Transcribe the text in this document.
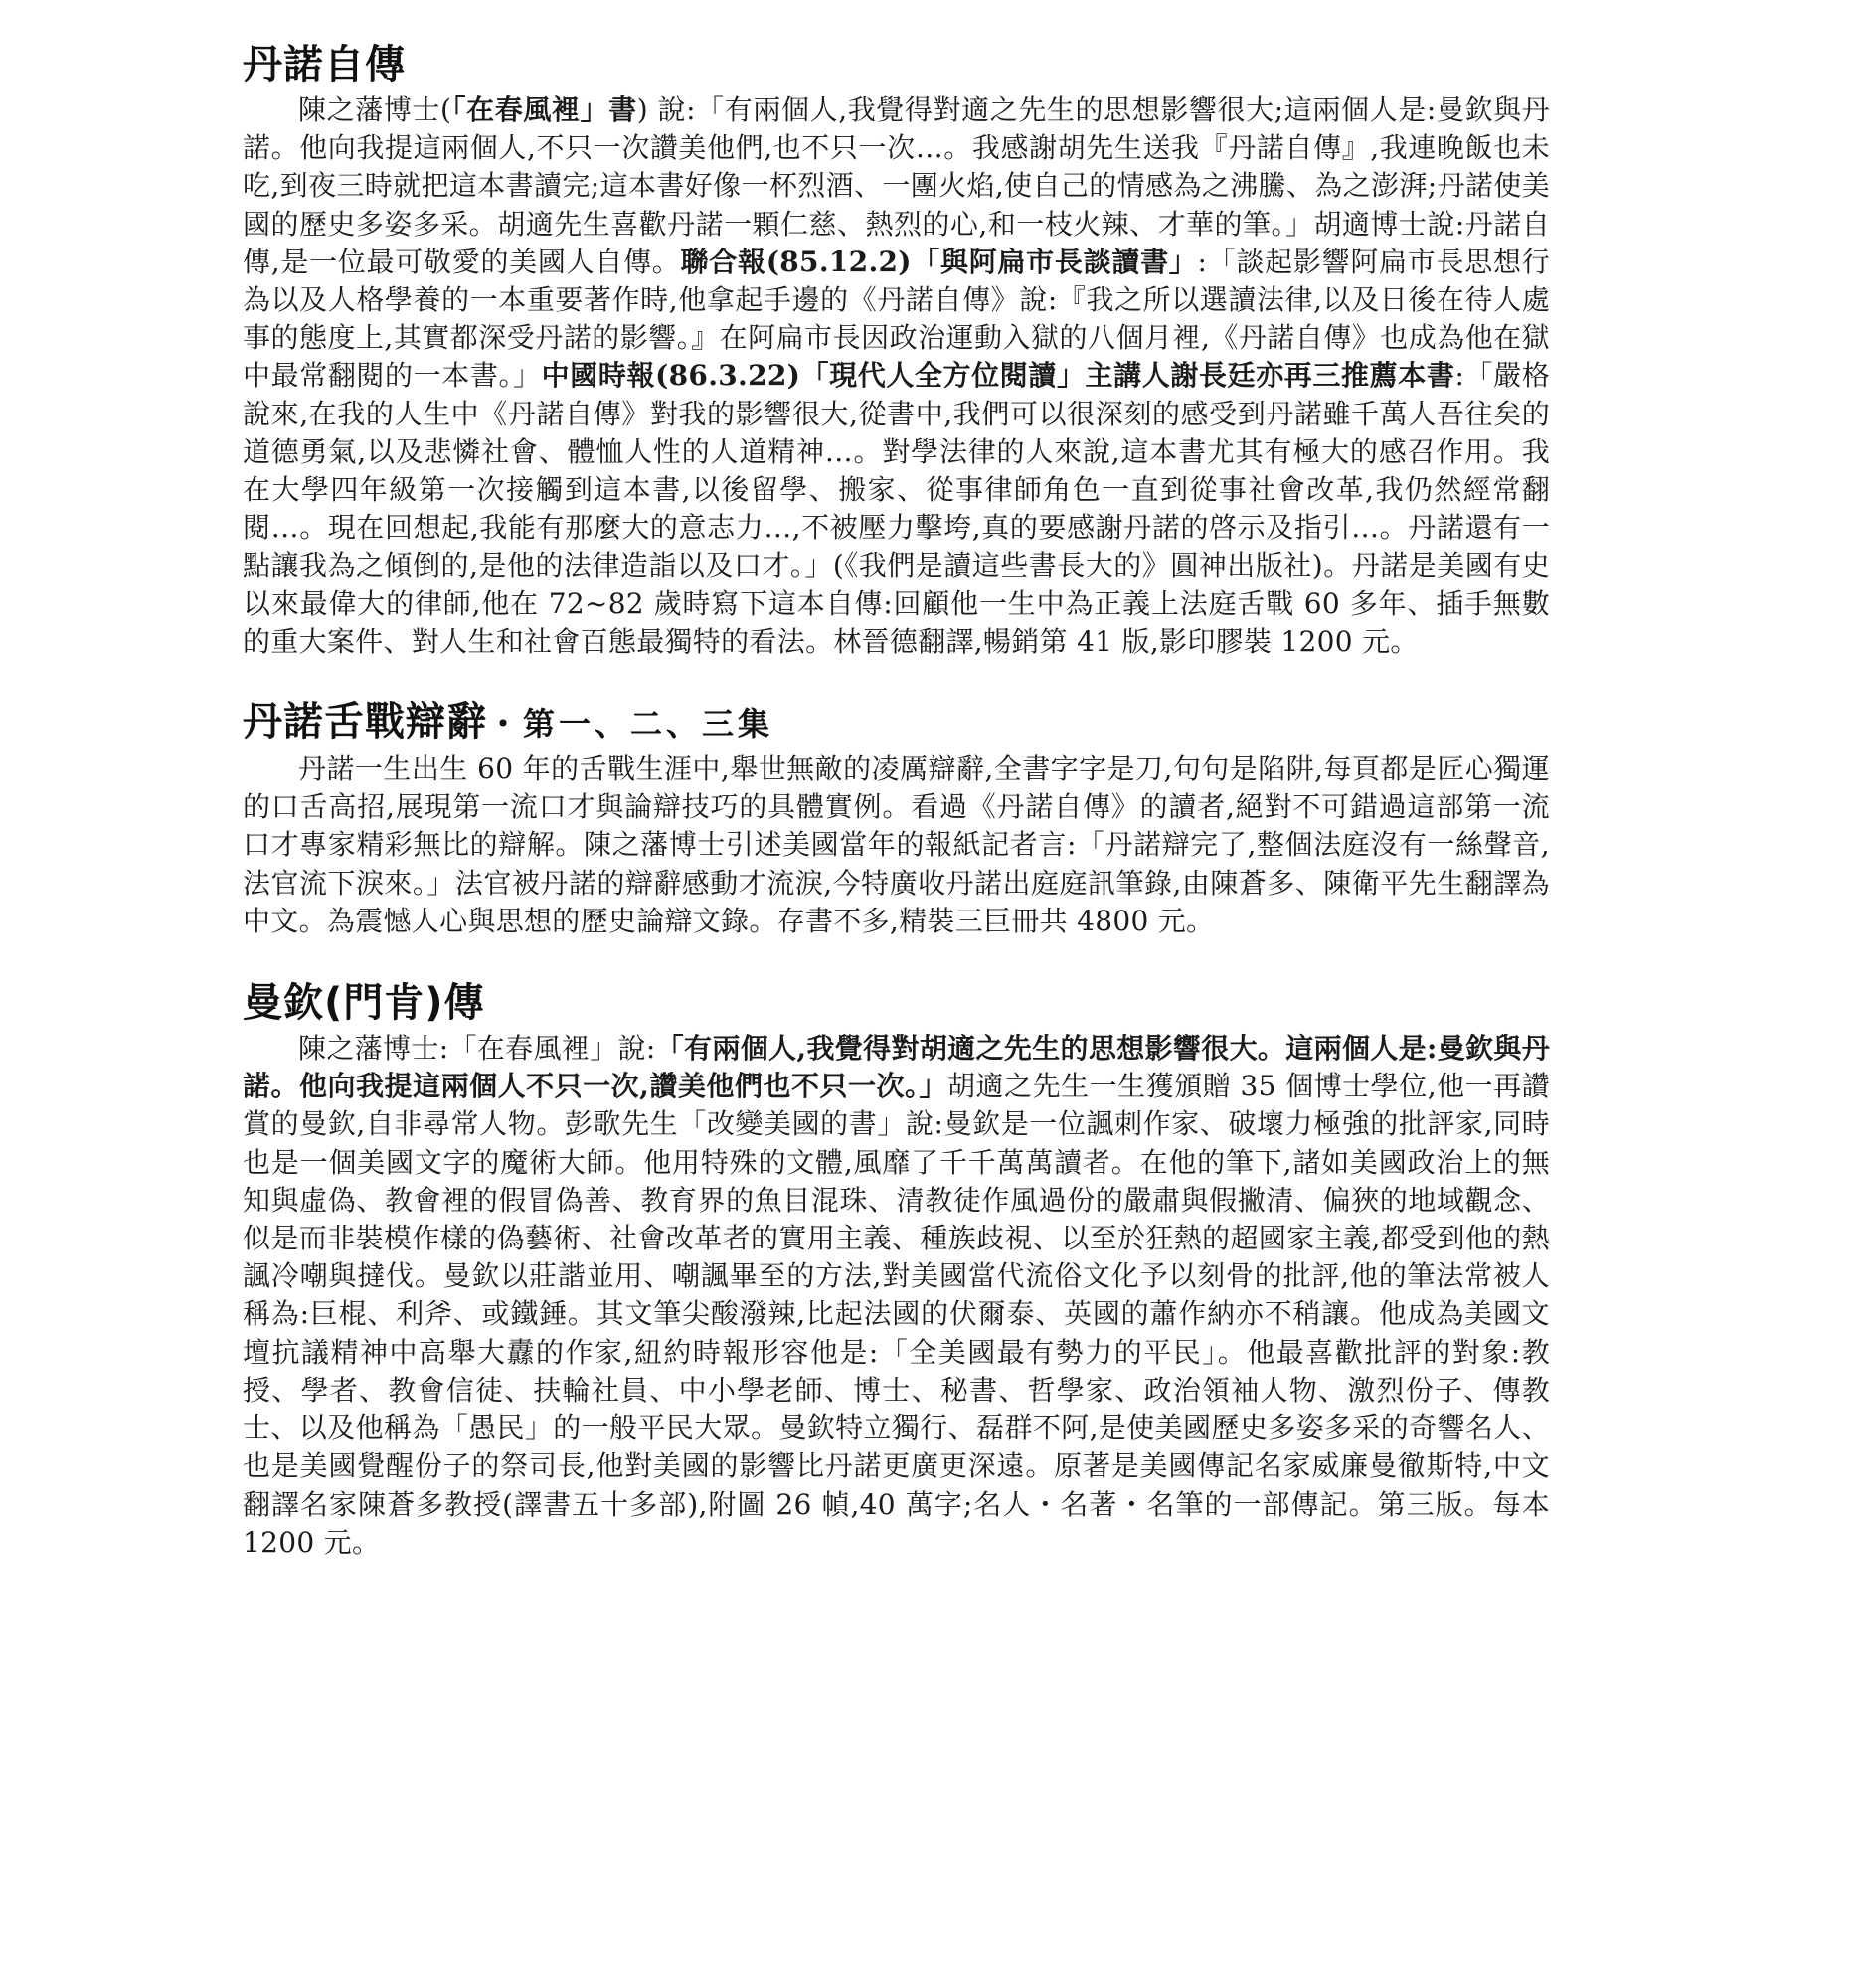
丹諾自傳

陳之藩博士(「在春風裡」書) 說:「有兩個人,我覺得對適之先生的思想影響很大;這兩個人是:曼欽與丹諾。他向我提這兩個人,不只一次讚美他們,也不只一次…。我感謝胡先生送我『丹諾自傳』,我連晚飯也未吃,到夜三時就把這本書讀完;這本書好像一杯烈酒、一團火焰,使自己的情感為之沸騰、為之澎湃;丹諾使美國的歷史多姿多采。胡適先生喜歡丹諾一顆仁慈、熱烈的心,和一枝火辣、才華的筆。」胡適博士說:丹諾自傳,是一位最可敬愛的美國人自傳。聯合報(85.12.2)「與阿扁市長談讀書」:「談起影響阿扁市長思想行為以及人格學養的一本重要著作時,他拿起手邊的《丹諾自傳》說:『我之所以選讀法律,以及日後在待人處事的態度上,其實都深受丹諾的影響。』在阿扁市長因政治運動入獄的八個月裡,《丹諾自傳》也成為他在獄中最常翻閱的一本書。」中國時報(86.3.22)「現代人全方位閱讀」主講人謝長廷亦再三推薦本書:「嚴格說來,在我的人生中《丹諾自傳》對我的影響很大,從書中,我們可以很深刻的感受到丹諾雖千萬人吾往矣的道德勇氣,以及悲憐社會、體恤人性的人道精神…。對學法律的人來說,這本書尤其有極大的感召作用。我在大學四年級第一次接觸到這本書,以後留學、搬家、從事律師角色一直到從事社會改革,我仍然經常翻閱…。現在回想起,我能有那麼大的意志力…,不被壓力擊垮,真的要感謝丹諾的啓示及指引…。丹諾還有一點讓我為之傾倒的,是他的法律造詣以及口才。」(《我們是讀這些書長大的》圓神出版社)。丹諾是美國有史以來最偉大的律師,他在 72~82 歲時寫下這本自傳:回顧他一生中為正義上法庭舌戰 60 多年、插手無數的重大案件、對人生和社會百態最獨特的看法。林晉德翻譯,暢銷第 41 版,影印膠裝 1200 元。

丹諾舌戰辯辭・第一、二、三集

丹諾一生出生 60 年的舌戰生涯中,舉世無敵的凌厲辯辭,全書字字是刀,句句是陷阱,每頁都是匠心獨運的口舌高招,展現第一流口才與論辯技巧的具體實例。看過《丹諾自傳》的讀者,絕對不可錯過這部第一流口才專家精彩無比的辯解。陳之藩博士引述美國當年的報紙記者言:「丹諾辯完了,整個法庭沒有一絲聲音,法官流下淚來。」法官被丹諾的辯辭感動才流淚,今特廣收丹諾出庭庭訊筆錄,由陳蒼多、陳衛平先生翻譯為中文。為震憾人心與思想的歷史論辯文錄。存書不多,精裝三巨冊共 4800 元。

曼欽(門肯)傳

陳之藩博士:「在春風裡」說:「有兩個人,我覺得對胡適之先生的思想影響很大。這兩個人是:曼欽與丹諾。他向我提這兩個人不只一次,讚美他們也不只一次。」胡適之先生一生獲頒贈 35 個博士學位,他一再讚賞的曼欽,自非尋常人物。彭歌先生「改變美國的書」說:曼欽是一位諷刺作家、破壞力極強的批評家,同時也是一個美國文字的魔術大師。他用特殊的文體,風靡了千千萬萬讀者。在他的筆下,諸如美國政治上的無知與虛偽、教會裡的假冒偽善、教育界的魚目混珠、清教徒作風過份的嚴肅與假撇清、偏狹的地域觀念、似是而非裝模作樣的偽藝術、社會改革者的實用主義、種族歧視、以至於狂熱的超國家主義,都受到他的熱諷冷嘲與撻伐。曼欽以莊諧並用、嘲諷畢至的方法,對美國當代流俗文化予以刻骨的批評,他的筆法常被人稱為:巨棍、利斧、或鐵錘。其文筆尖酸潑辣,比起法國的伏爾泰、英國的蕭作納亦不稍讓。他成為美國文壇抗議精神中高舉大纛的作家,紐約時報形容他是:「全美國最有勢力的平民」。他最喜歡批評的對象:教授、學者、教會信徒、扶輪社員、中小學老師、博士、秘書、哲學家、政治領袖人物、激烈份子、傳教士、以及他稱為「愚民」的一般平民大眾。曼欽特立獨行、磊群不阿,是使美國歷史多姿多采的奇響名人、也是美國覺醒份子的祭司長,他對美國的影響比丹諾更廣更深遠。原著是美國傳記名家威廉曼徹斯特,中文翻譯名家陳蒼多教授(譯書五十多部),附圖 26 幀,40 萬字;名人・名著・名筆的一部傳記。第三版。每本 1200 元。
